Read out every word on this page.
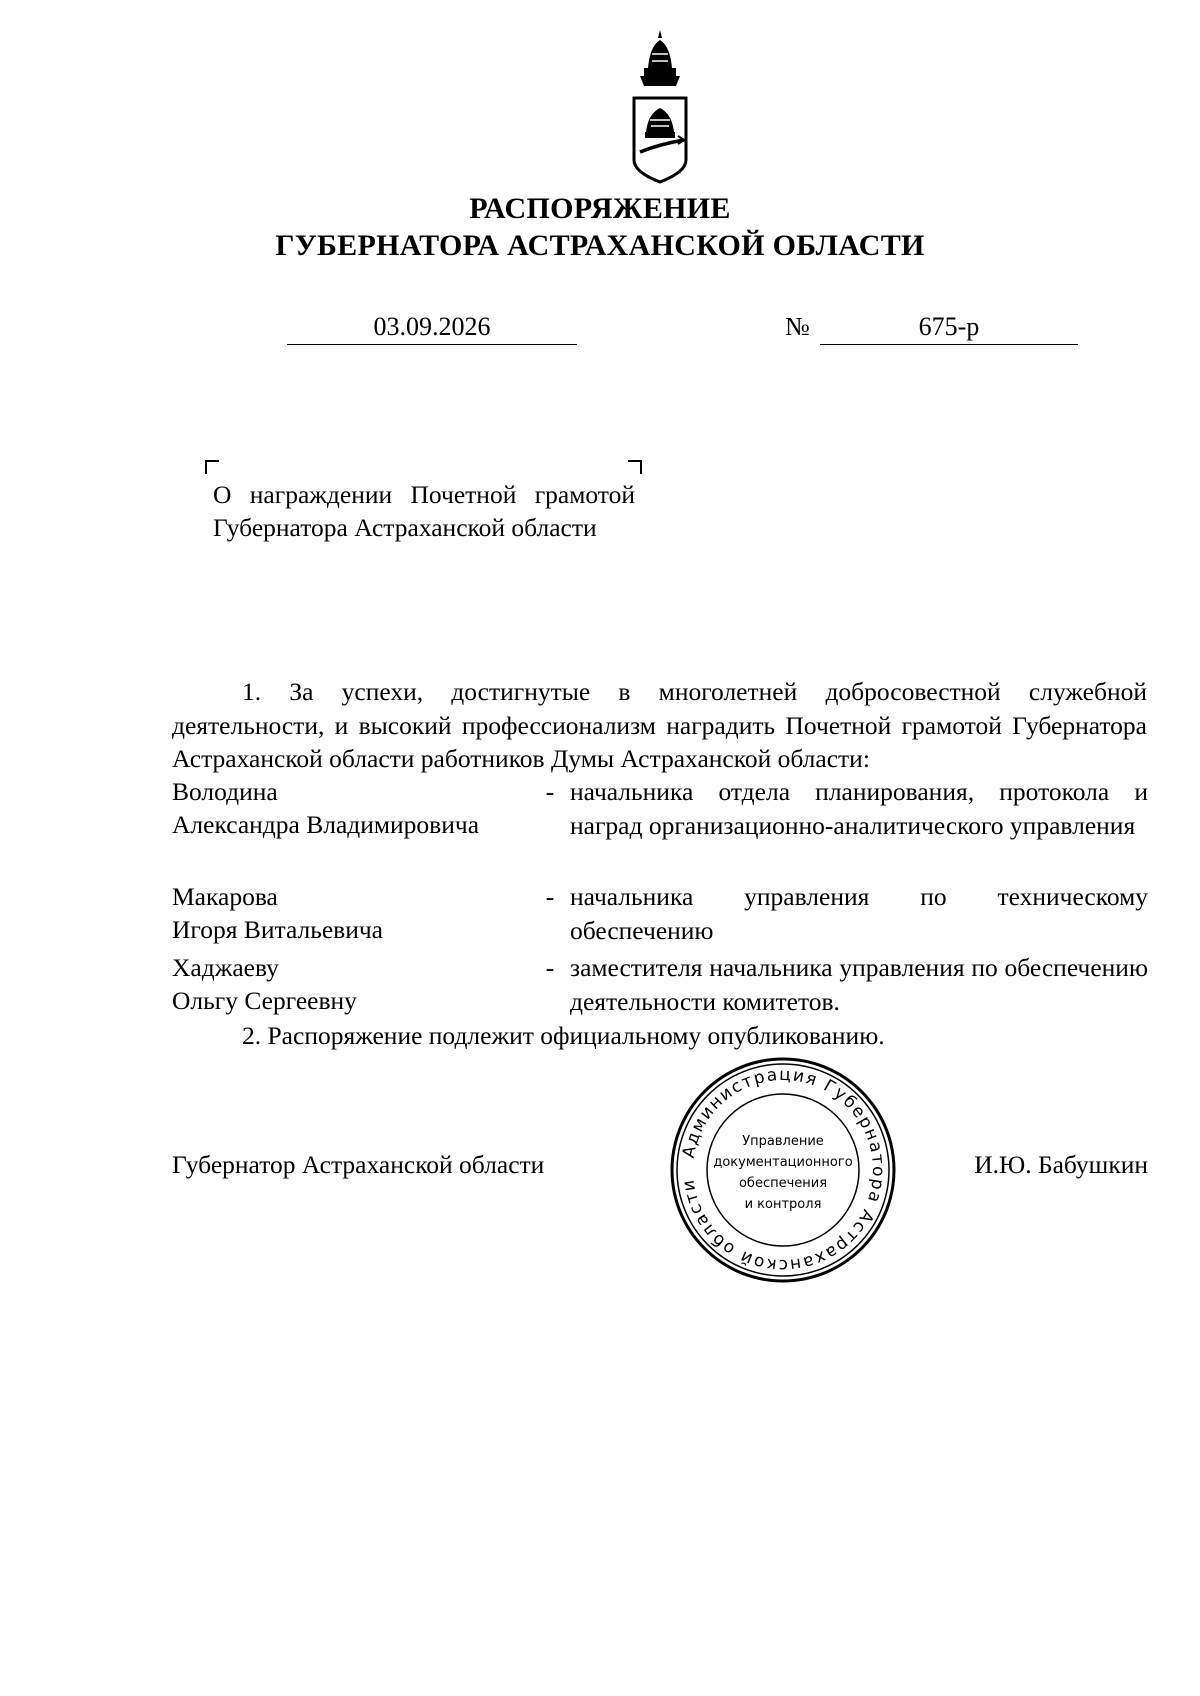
РАСПОРЯЖЕНИЕ
ГУБЕРНАТОРА АСТРАХАНСКОЙ ОБЛАСТИ
03.09.2026	№	675-р
О награждении Почетной грамотой Губернатора Астраханской области
1. За успехи, достигнутые в многолетней добросовестной служебной деятельности, и высокий профессионализм наградить Почетной грамотой Губернатора Астраханской области работников Думы Астраханской области:
Володина
Александра Владимировича
- начальника отдела планирования, протокола и наград организационно-аналитического управления
Макарова
Игоря Витальевича
- начальника управления по техническому обеспечению
Хаджаеву
Ольгу Сергеевну
- заместителя начальника управления по обеспечению деятельности комитетов.
2. Распоряжение подлежит официальному опубликованию.
Администрация Губернатора Астраханской области
Управление
документационного
обеспечения
и контроля
Губернатор Астраханской области	И.Ю. Бабушкин
